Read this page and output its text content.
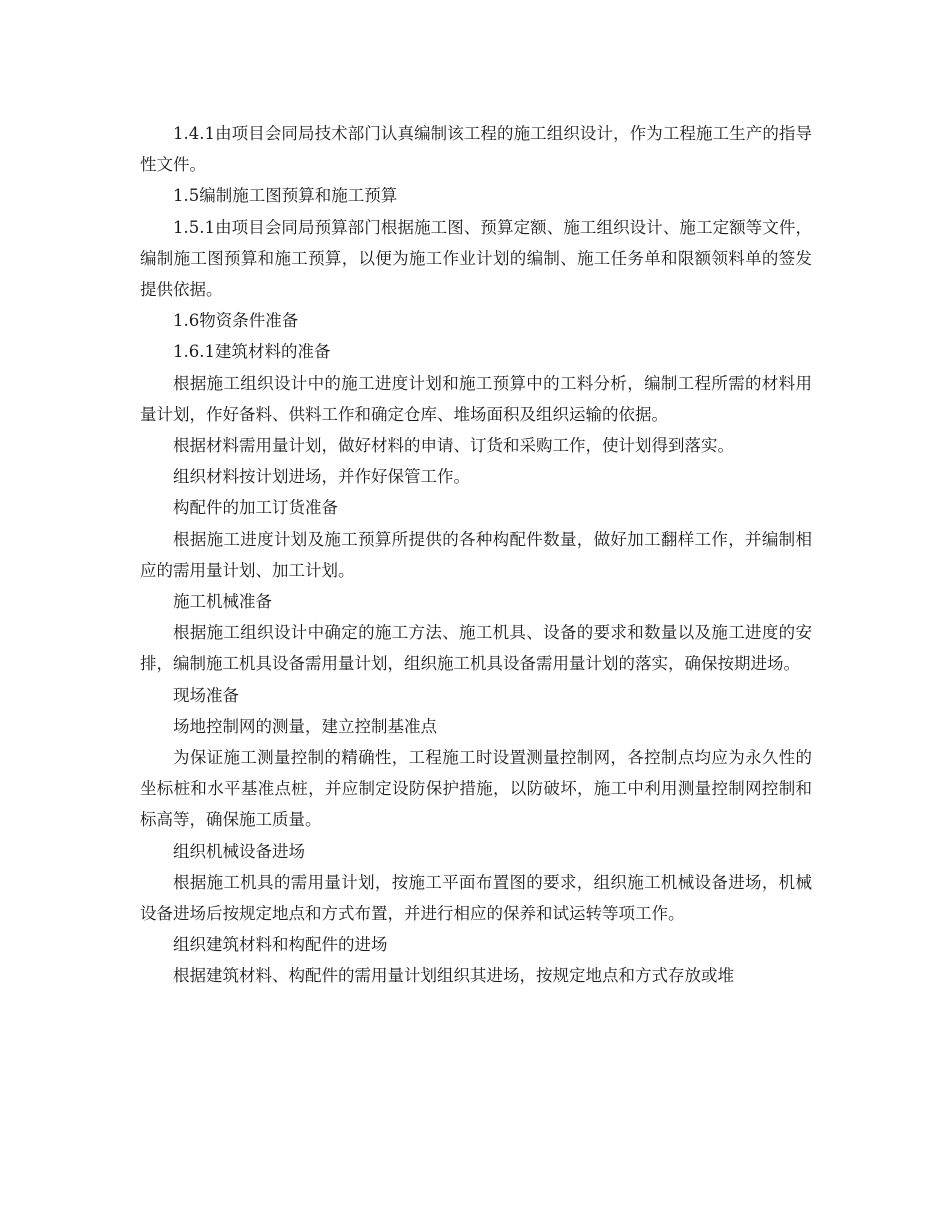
1.4.1由项目会同局技术部门认真编制该工程的施工组织设计，作为工程施工生产的指导性文件。

1.5编制施工图预算和施工预算

1.5.1由项目会同局预算部门根据施工图、预算定额、施工组织设计、施工定额等文件，编制施工图预算和施工预算，以便为施工作业计划的编制、施工任务单和限额领料单的签发提供依据。

1.6物资条件准备

1.6.1建筑材料的准备

根据施工组织设计中的施工进度计划和施工预算中的工料分析，编制工程所需的材料用量计划，作好备料、供料工作和确定仓库、堆场面积及组织运输的依据。

根据材料需用量计划，做好材料的申请、订货和采购工作，使计划得到落实。

组织材料按计划进场，并作好保管工作。

构配件的加工订货准备

根据施工进度计划及施工预算所提供的各种构配件数量，做好加工翻样工作，并编制相应的需用量计划、加工计划。

施工机械准备

根据施工组织设计中确定的施工方法、施工机具、设备的要求和数量以及施工进度的安排，编制施工机具设备需用量计划，组织施工机具设备需用量计划的落实，确保按期进场。

现场准备

场地控制网的测量，建立控制基准点

为保证施工测量控制的精确性，工程施工时设置测量控制网，各控制点均应为永久性的坐标桩和水平基准点桩，并应制定设防保护措施，以防破坏，施工中利用测量控制网控制和标高等，确保施工质量。

组织机械设备进场

根据施工机具的需用量计划，按施工平面布置图的要求，组织施工机械设备进场，机械设备进场后按规定地点和方式布置，并进行相应的保养和试运转等项工作。

组织建筑材料和构配件的进场

根据建筑材料、构配件的需用量计划组织其进场，按规定地点和方式存放或堆
